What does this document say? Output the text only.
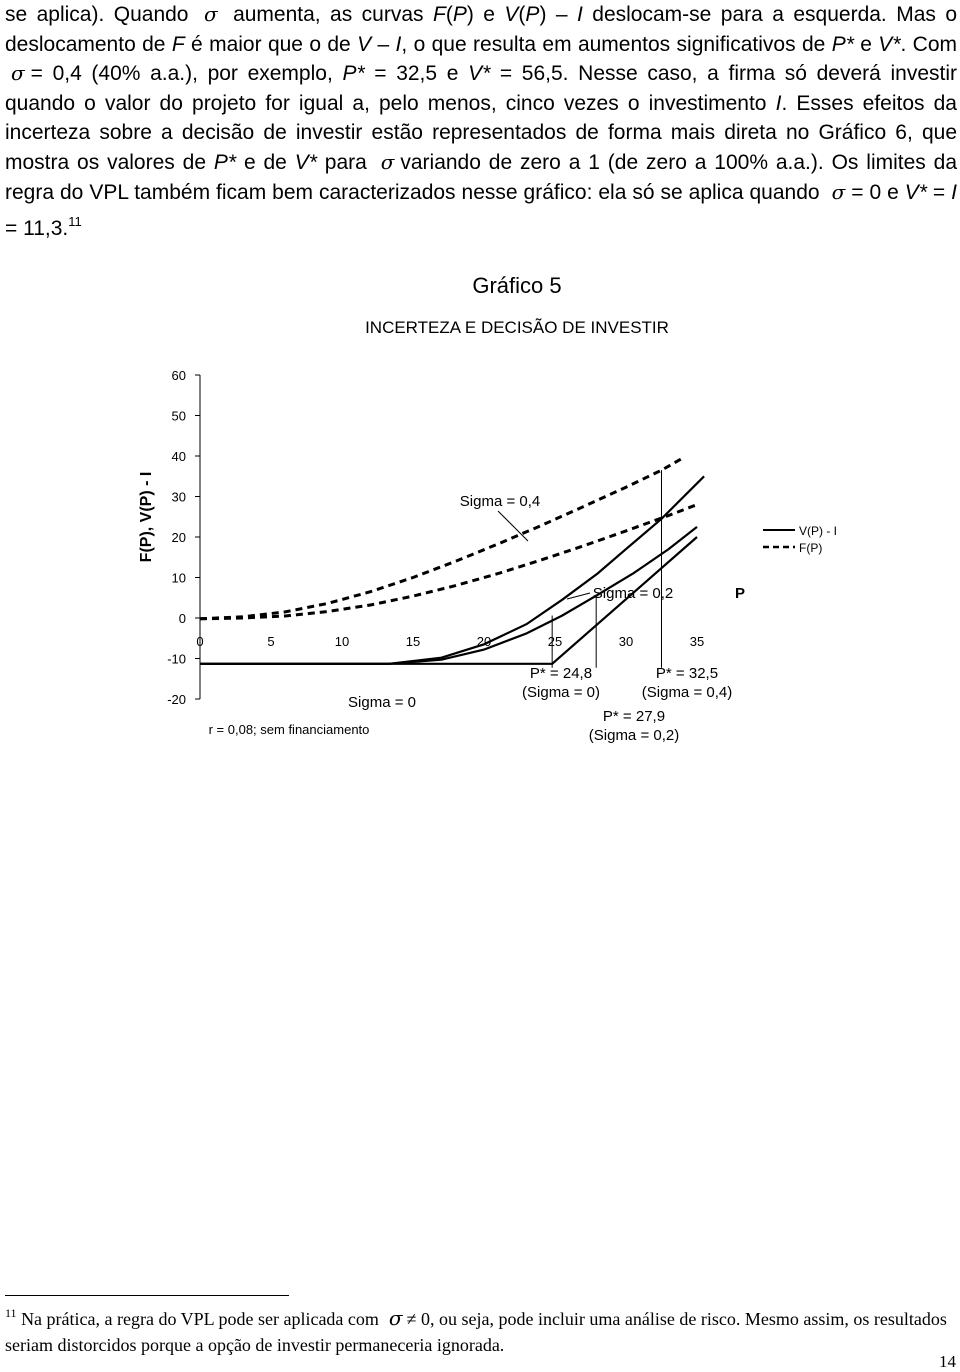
se aplica). Quando σ aumenta, as curvas F(P) e V(P) – I deslocam-se para a esquerda. Mas o deslocamento de F é maior que o de V – I, o que resulta em aumentos significativos de P* e V*. Com σ = 0,4 (40% a.a.), por exemplo, P* = 32,5 e V* = 56,5. Nesse caso, a firma só deverá investir quando o valor do projeto for igual a, pelo menos, cinco vezes o investimento I. Esses efeitos da incerteza sobre a decisão de investir estão representados de forma mais direta no Gráfico 6, que mostra os valores de P* e de V* para σ variando de zero a 1 (de zero a 100% a.a.). Os limites da regra do VPL também ficam bem caracterizados nesse gráfico: ela só se aplica quando σ = 0 e V* = I = 11,3.11

Gráfico 5
INCERTEZA E DECISÃO DE INVESTIR
60
50
40
30
20
10
0
-10
-20
0	5	10	15	20	25	30	35
F(P), V(P) - I
P
Sigma = 0,4
Sigma = 0,2
Sigma = 0
r = 0,08; sem financiamento
P* = 24,8
(Sigma = 0)
P* = 27,9
(Sigma = 0,2)
P* = 32,5
(Sigma = 0,4)
V(P) - I
F(P)

$^{11}$ Na prática, a regra do VPL pode ser aplicada com σ ≠ 0, ou seja, pode incluir uma análise de risco. Mesmo assim, os resultados seriam distorcidos porque a opção de investir permaneceria ignorada.

14
